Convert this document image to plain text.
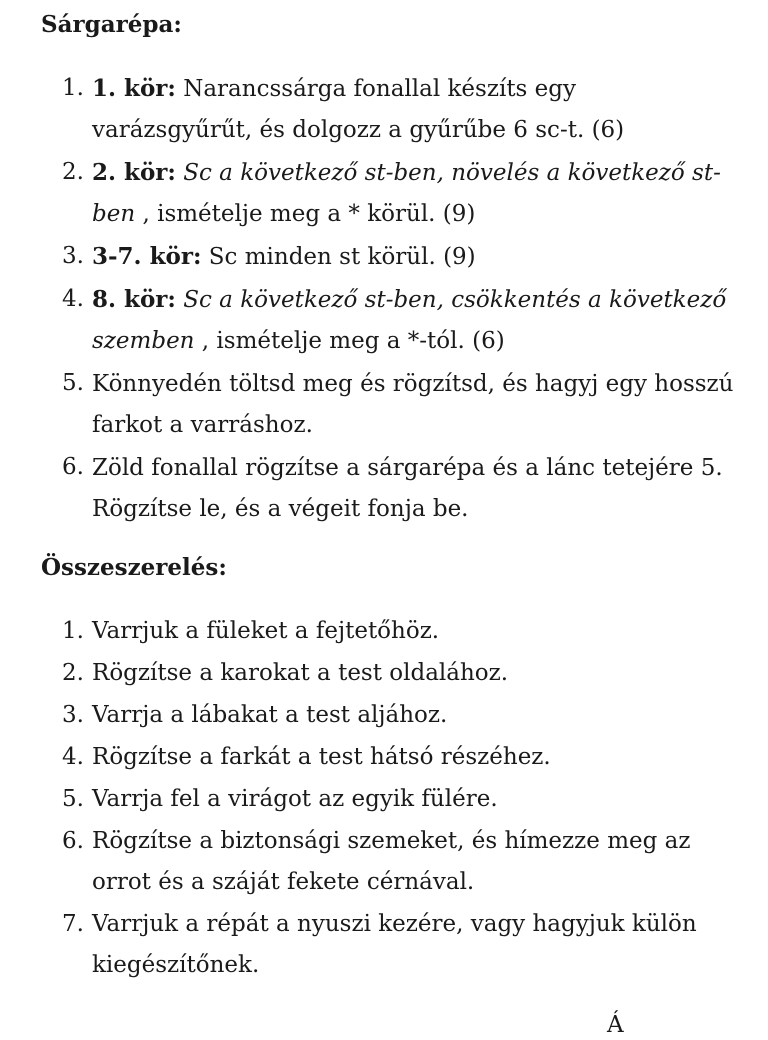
Sárgarépa:
1. 1. kör: Narancssárga fonallal készíts egy varázsgyűrűt, és dolgozz a gyűrűbe 6 sc-t. (6)
2. 2. kör: Sc a következő st-ben, növelés a következő st-ben , ismételje meg a * körül. (9)
3. 3-7. kör: Sc minden st körül. (9)
4. 8. kör: Sc a következő st-ben, csökkentés a következő szemben , ismételje meg a *-tól. (6)
5. Könnyedén töltsd meg és rögzítsd, és hagyj egy hosszú farkot a varráshoz.
6. Zöld fonallal rögzítse a sárgarépa és a lánc tetejére 5. Rögzítse le, és a végeit fonja be.
Összeszerelés:
1. Varrjuk a füleket a fejtetőhöz.
2. Rögzítse a karokat a test oldalához.
3. Varrja a lábakat a test aljához.
4. Rögzítse a farkát a test hátsó részéhez.
5. Varrja fel a virágot az egyik fülére.
6. Rögzítse a biztonsági szemeket, és hímezze meg az orrot és a száját fekete cérnával.
7. Varrjuk a répát a nyuszi kezére, vagy hagyjuk külön kiegészítőnek.
Á
